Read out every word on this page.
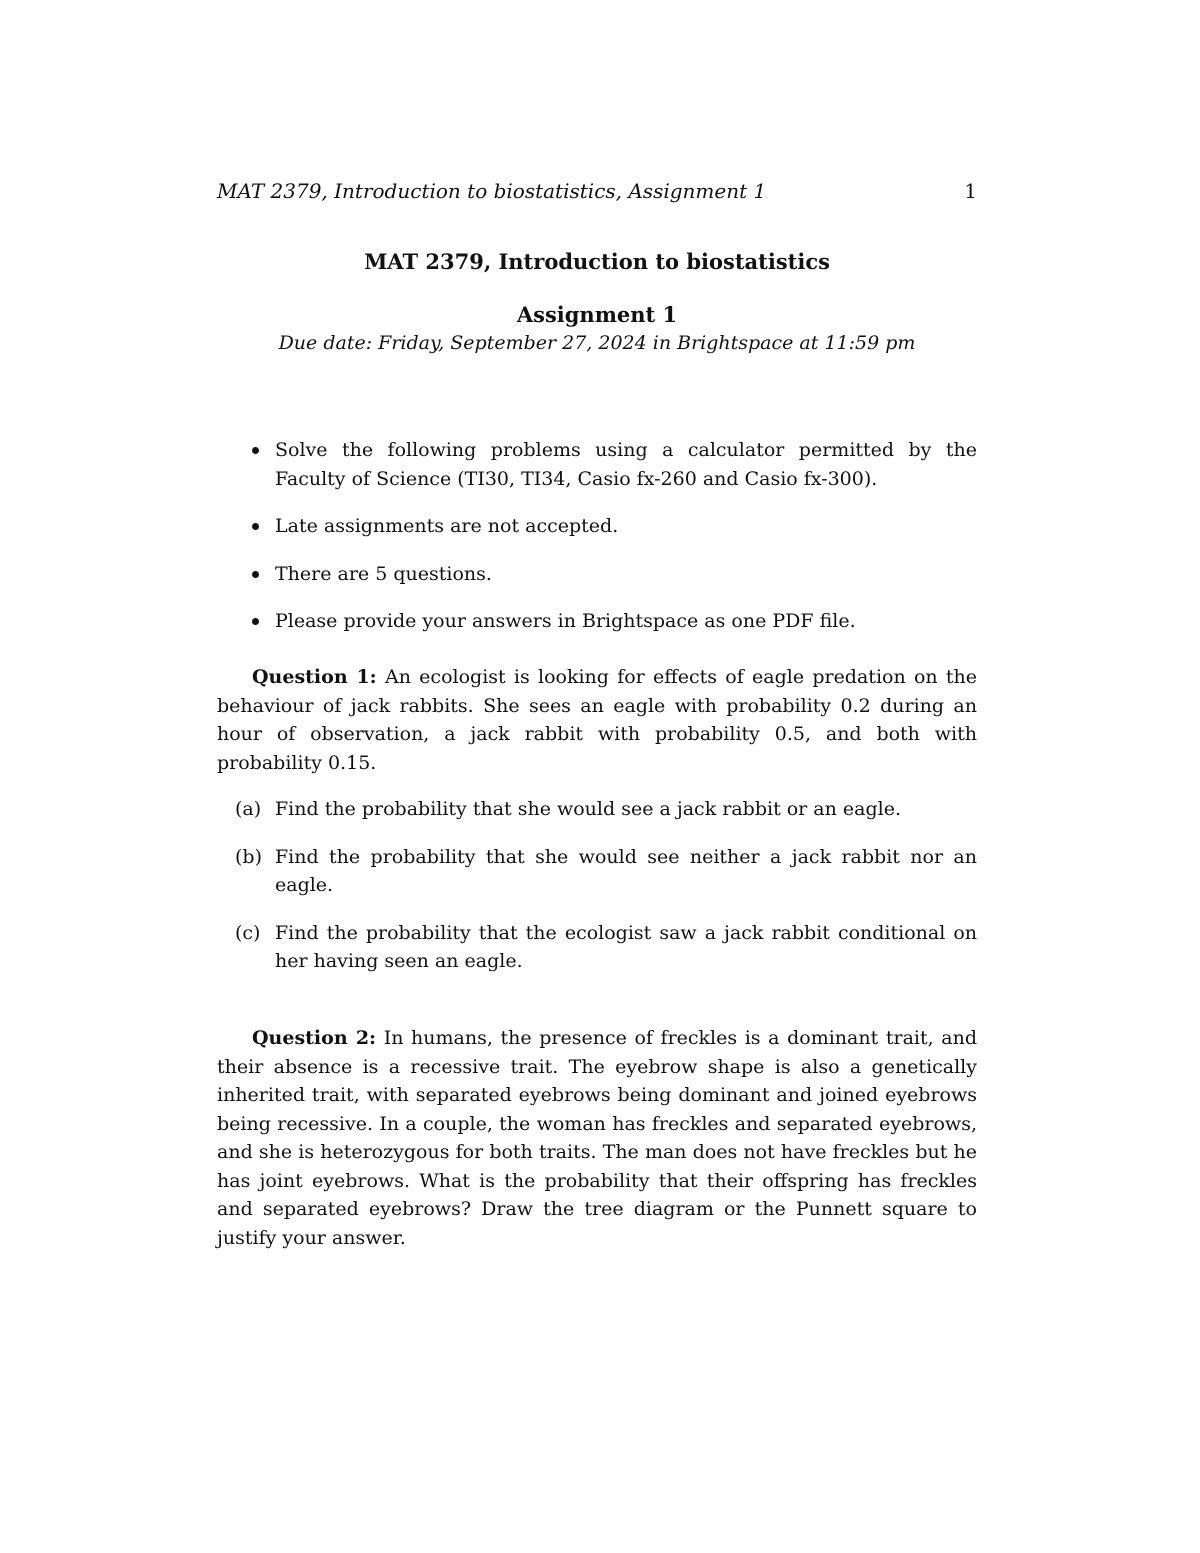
MAT 2379, Introduction to biostatistics, Assignment 1	1
MAT 2379, Introduction to biostatistics
Assignment 1

Due date: Friday, September 27, 2024 in Brightspace at 11:59 pm

Solve the following problems using a calculator permitted by the Faculty of Science (TI30, TI34, Casio fx-260 and Casio fx-300).
Late assignments are not accepted.
There are 5 questions.
Please provide your answers in Brightspace as one PDF file.

Question 1: An ecologist is looking for effects of eagle predation on the behaviour of jack rabbits. She sees an eagle with probability 0.2 during an hour of observation, a jack rabbit with probability 0.5, and both with probability 0.15.

(a) Find the probability that she would see a jack rabbit or an eagle.
(b) Find the probability that she would see neither a jack rabbit nor an eagle.
(c) Find the probability that the ecologist saw a jack rabbit conditional on her having seen an eagle.

Question 2: In humans, the presence of freckles is a dominant trait, and their absence is a recessive trait. The eyebrow shape is also a genetically inherited trait, with separated eyebrows being dominant and joined eyebrows being recessive. In a couple, the woman has freckles and separated eyebrows, and she is heterozygous for both traits. The man does not have freckles but he has joint eyebrows. What is the probability that their offspring has freckles and separated eyebrows? Draw the tree diagram or the Punnett square to justify your answer.
